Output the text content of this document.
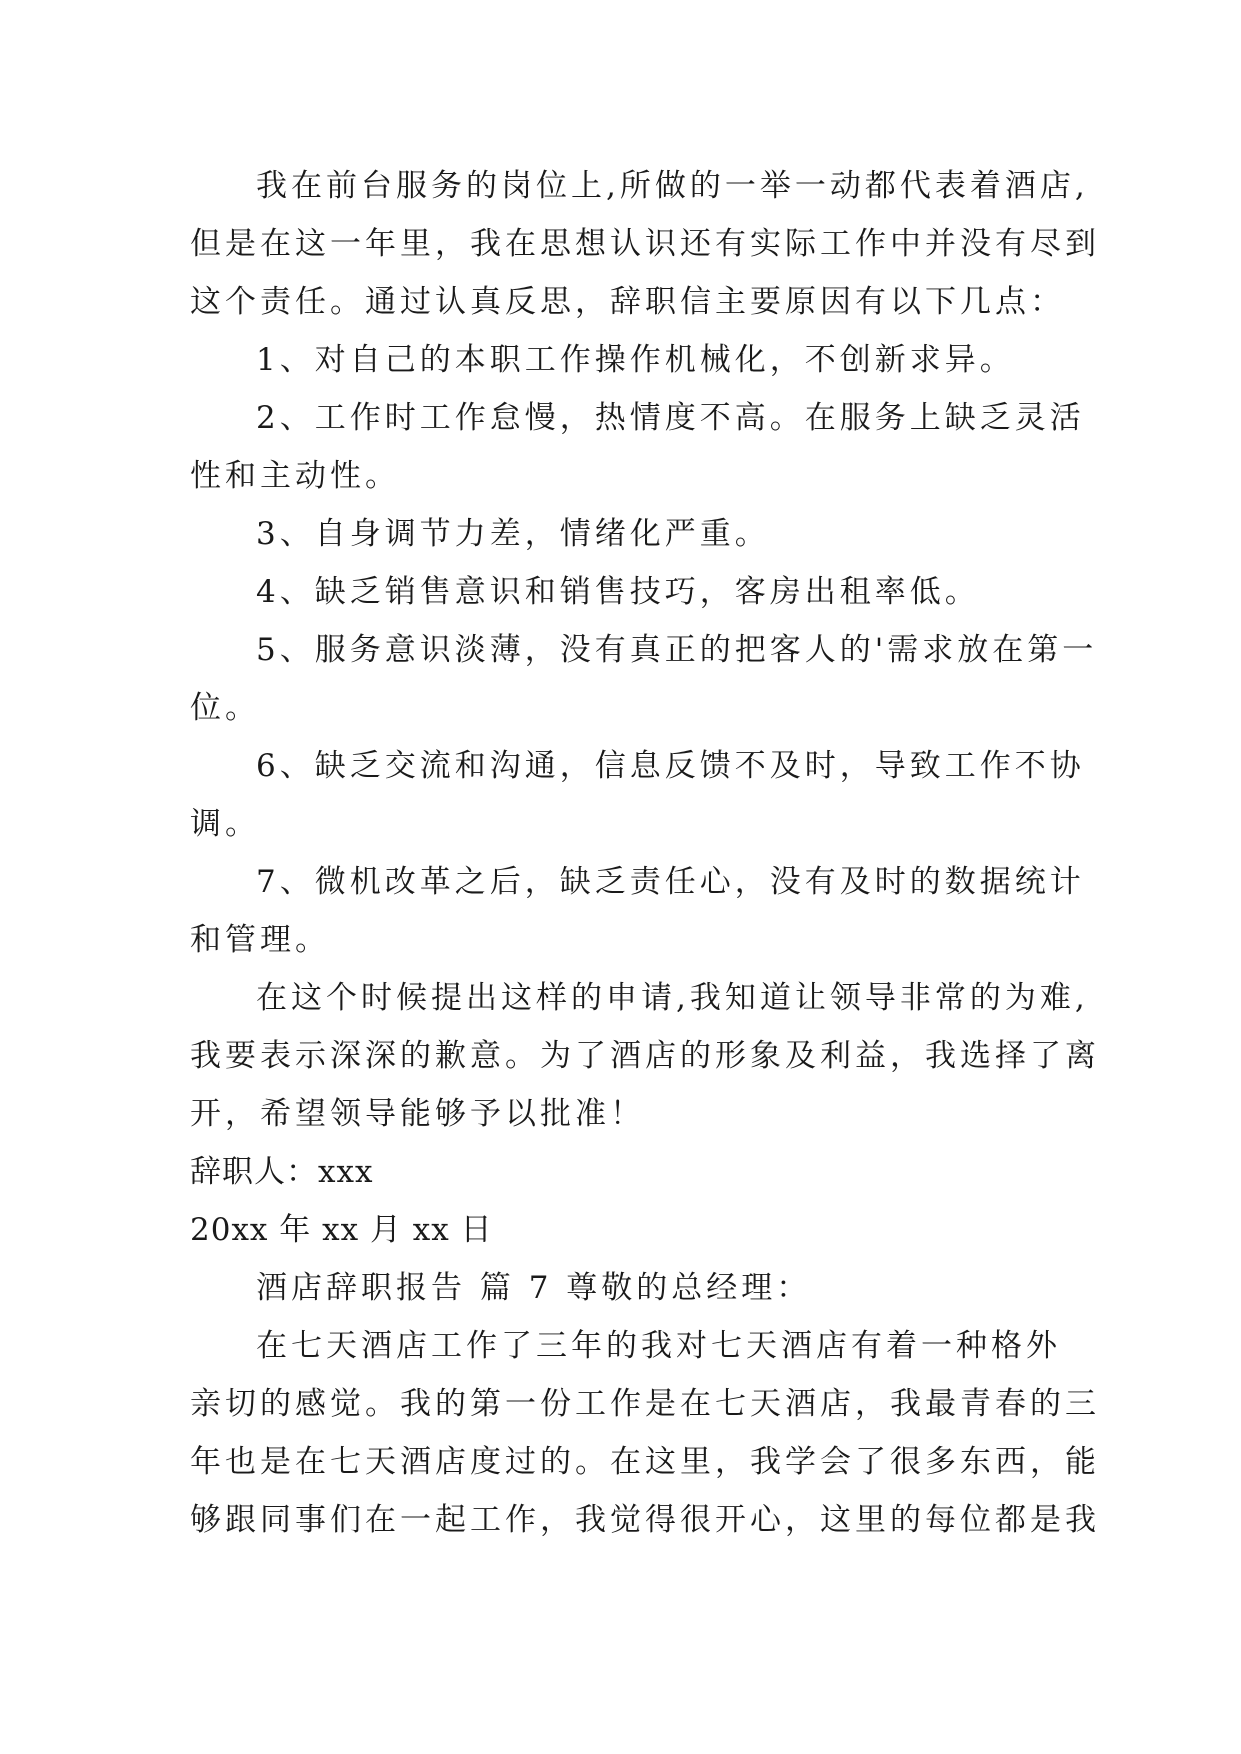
我在前台服务的岗位上,所做的一举一动都代表着酒店,
但是在这一年里，我在思想认识还有实际工作中并没有尽到
这个责任。通过认真反思，辞职信主要原因有以下几点：
1、对自己的本职工作操作机械化，不创新求异。
2、工作时工作怠慢，热情度不高。在服务上缺乏灵活
性和主动性。
3、自身调节力差，情绪化严重。
4、缺乏销售意识和销售技巧，客房出租率低。
5、服务意识淡薄，没有真正的把客人的'需求放在第一
位。
6、缺乏交流和沟通，信息反馈不及时，导致工作不协
调。
7、微机改革之后，缺乏责任心，没有及时的数据统计
和管理。
在这个时候提出这样的申请,我知道让领导非常的为难,
我要表示深深的歉意。为了酒店的形象及利益，我选择了离
开，希望领导能够予以批准！
辞职人：xxx
20xx 年 xx 月 xx 日
酒店辞职报告 篇 7 尊敬的总经理：
在七天酒店工作了三年的我对七天酒店有着一种格外
亲切的感觉。我的第一份工作是在七天酒店，我最青春的三
年也是在七天酒店度过的。在这里，我学会了很多东西，能
够跟同事们在一起工作，我觉得很开心，这里的每位都是我
